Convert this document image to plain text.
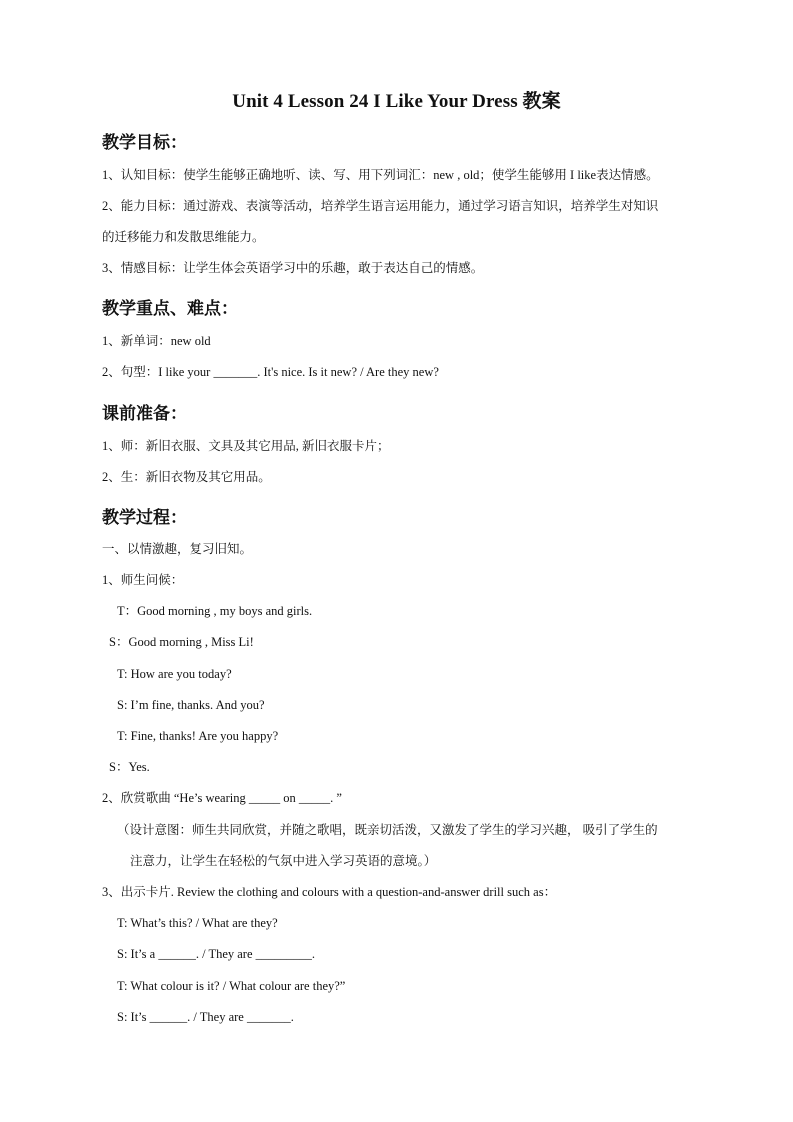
Unit 4 Lesson 24 I Like Your Dress 教案
教学目标：
1、认知目标：使学生能够正确地听、读、写、用下列词汇：new , old；使学生能够用 I like表达情感。
2、能力目标：通过游戏、表演等活动，培养学生语言运用能力，通过学习语言知识，培养学生对知识
的迁移能力和发散思维能力。
3、情感目标：让学生体会英语学习中的乐趣，敢于表达自己的情感。
教学重点、难点：
1、新单词：new old
2、句型：I like your _______. It's nice. Is it new? / Are they new?
课前准备：
1、师：新旧衣服、文具及其它用品, 新旧衣服卡片；
2、生：新旧衣物及其它用品。
教学过程：
一、以情激趣，复习旧知。
1、师生问候：
T：Good morning , my boys and girls.
S：Good morning , Miss Li!
T: How are you today?
S: I’m fine, thanks. And you?
T: Fine, thanks! Are you happy?
S：Yes.
2、欣赏歌曲 “He’s wearing _____ on _____. ”
（设计意图：师生共同欣赏，并随之歌唱，既亲切活泼，又激发了学生的学习兴趣， 吸引了学生的
注意力，让学生在轻松的气氛中进入学习英语的意境。）
3、出示卡片. Review the clothing and colours with a question-and-answer drill such as：
T: What’s this? / What are they?
S: It’s a ______. / They are _________.
T: What colour is it? / What colour are they?”
S: It’s ______. / They are _______.
